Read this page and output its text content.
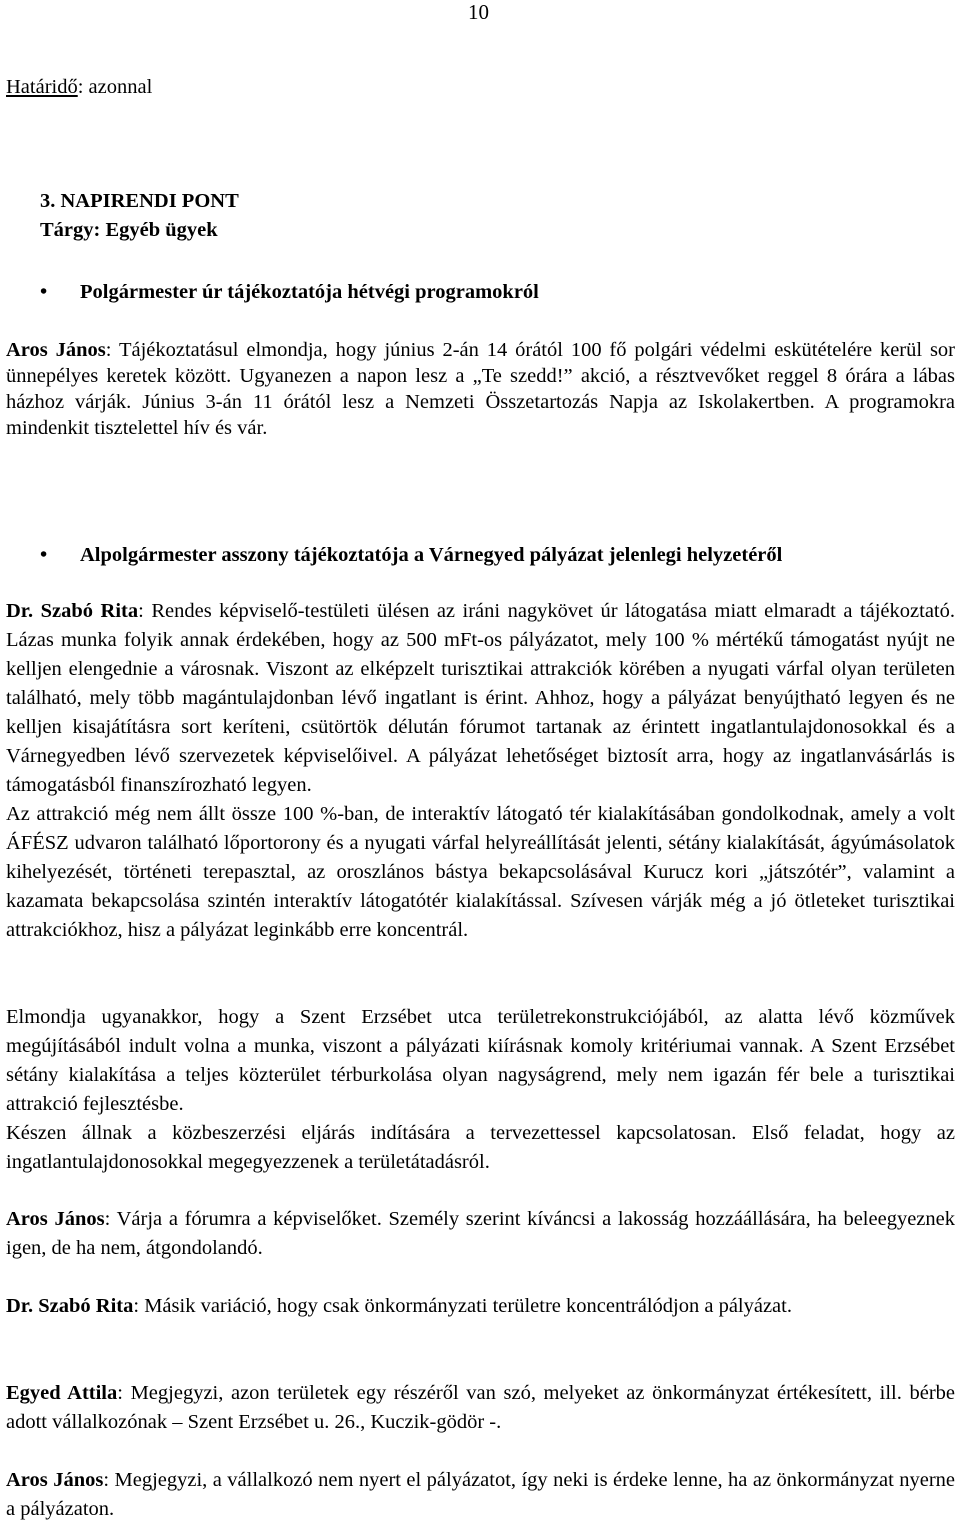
10
Határidő: azonnal
3. NAPIRENDI PONT
Tárgy: Egyéb ügyek
• Polgármester úr tájékoztatója hétvégi programokról
Aros János: Tájékoztatásul elmondja, hogy június 2-án 14 órától 100 fő polgári védelmi eskütételére kerül sor ünnepélyes keretek között. Ugyanezen a napon lesz a „Te szedd!” akció, a résztvevőket reggel 8 órára a lábas házhoz várják. Június 3-án 11 órától lesz a Nemzeti Összetartozás Napja az Iskolakertben. A programokra mindenkit tisztelettel hív és vár.
• Alpolgármester asszony tájékoztatója a Várnegyed pályázat jelenlegi helyzetéről
Dr. Szabó Rita: Rendes képviselő-testületi ülésen az iráni nagykövet úr látogatása miatt elmaradt a tájékoztató. Lázas munka folyik annak érdekében, hogy az 500 mFt-os pályázatot, mely 100 % mértékű támogatást nyújt ne kelljen elengednie a városnak. Viszont az elképzelt turisztikai attrakciók körében a nyugati várfal olyan területen található, mely több magántulajdonban lévő ingatlant is érint. Ahhoz, hogy a pályázat benyújtható legyen és ne kelljen kisajátításra sort keríteni, csütörtök délután fórumot tartanak az érintett ingatlantulajdonosokkal és a Várnegyedben lévő szervezetek képviselőivel. A pályázat lehetőséget biztosít arra, hogy az ingatlanvásárlás is támogatásból finanszírozható legyen.
Az attrakció még nem állt össze 100 %-ban, de interaktív látogató tér kialakításában gondolkodnak, amely a volt ÁFÉSZ udvaron található lőportorony és a nyugati várfal helyreállítását jelenti, sétány kialakítását, ágyúmásolatok kihelyezését, történeti terepasztal, az oroszlános bástya bekapcsolásával Kurucz kori „játszótér”, valamint a kazamata bekapcsolása szintén interaktív látogatótér kialakítással. Szívesen várják még a jó ötleteket turisztikai attrakciókhoz, hisz a pályázat leginkább erre koncentrál.
Elmondja ugyanakkor, hogy a Szent Erzsébet utca területrekonstrukciójából, az alatta lévő közművek megújításából indult volna a munka, viszont a pályázati kiírásnak komoly kritériumai vannak. A Szent Erzsébet sétány kialakítása a teljes közterület térburkolása olyan nagyságrend, mely nem igazán fér bele a turisztikai attrakció fejlesztésbe.
Készen állnak a közbeszerzési eljárás indítására a tervezettessel kapcsolatosan. Első feladat, hogy az ingatlantulajdonosokkal megegyezzenek a területátadásról.
Aros János: Várja a fórumra a képviselőket. Személy szerint kíváncsi a lakosság hozzáállására, ha beleegyeznek igen, de ha nem, átgondolandó.
Dr. Szabó Rita: Másik variáció, hogy csak önkormányzati területre koncentrálódjon a pályázat.
Egyed Attila: Megjegyzi, azon területek egy részéről van szó, melyeket az önkormányzat értékesített, ill. bérbe adott vállalkozónak – Szent Erzsébet u. 26., Kuczik-gödör -.
Aros János: Megjegyzi, a vállalkozó nem nyert el pályázatot, így neki is érdeke lenne, ha az önkormányzat nyerne a pályázaton.
